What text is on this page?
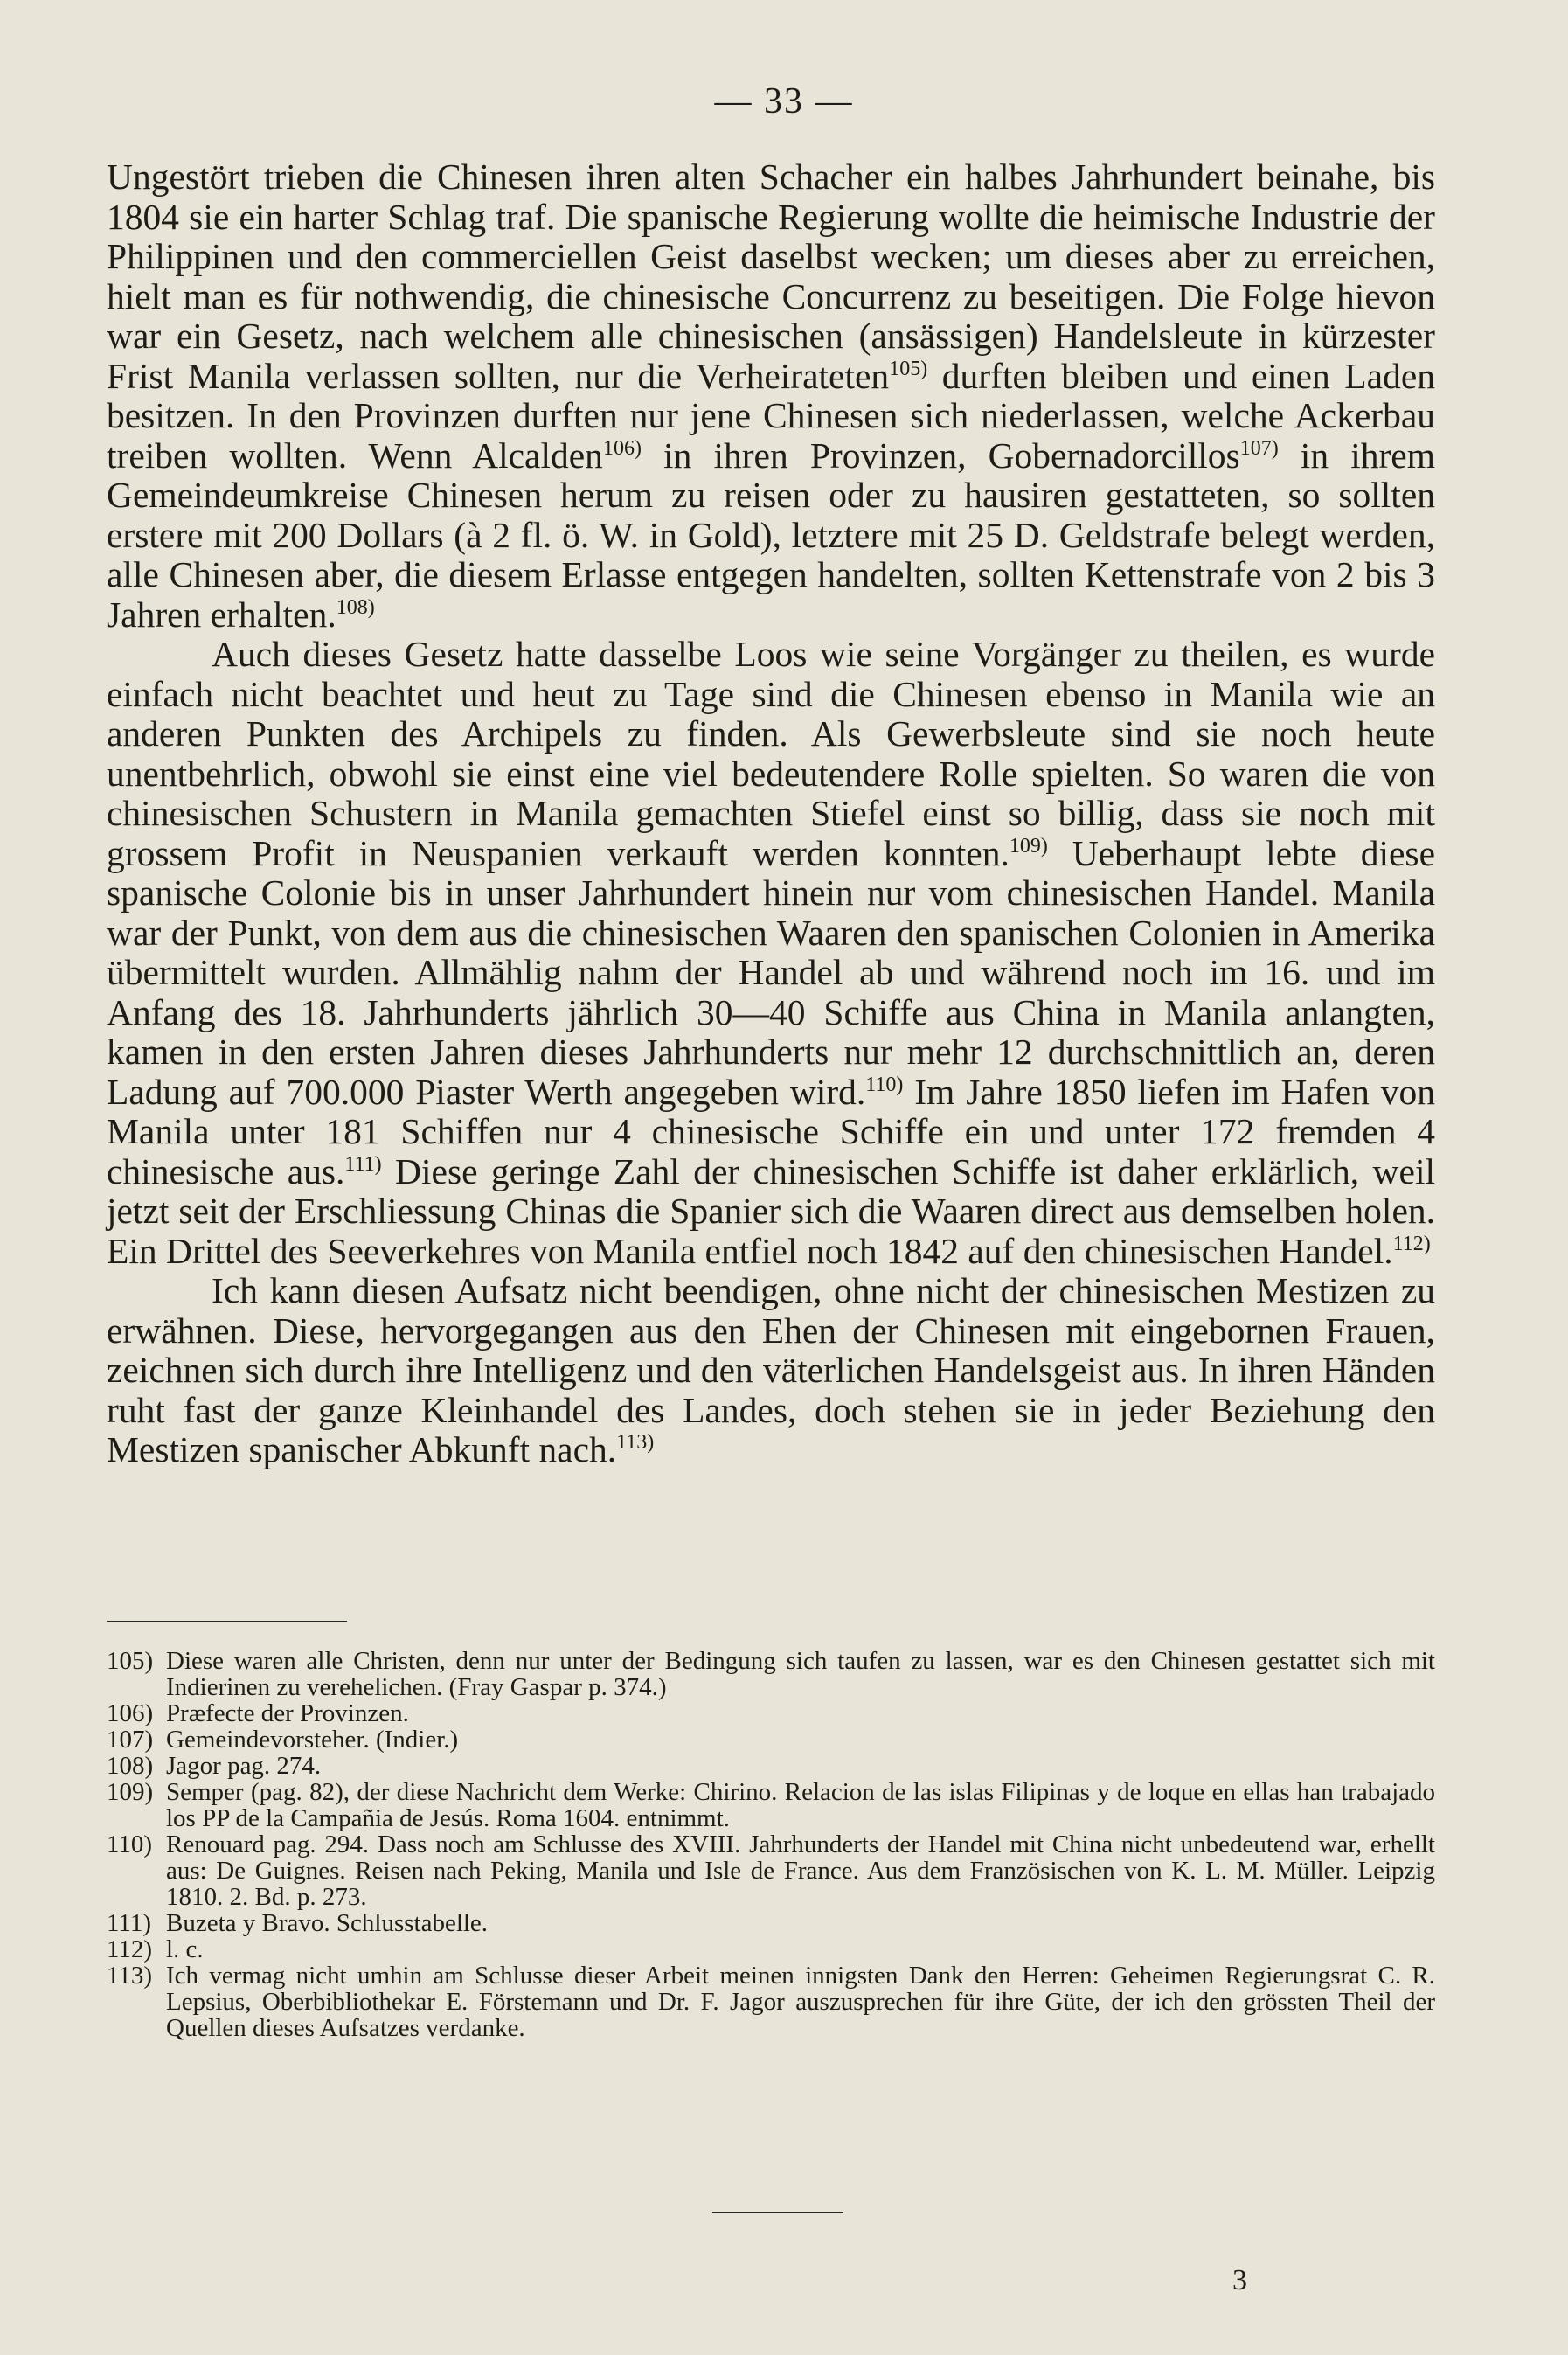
— 33 —

Ungestört trieben die Chinesen ihren alten Schacher ein halbes Jahrhundert beinahe, bis 1804 sie ein harter Schlag traf. Die spanische Regierung wollte die heimische Industrie der Philippinen und den commerciellen Geist daselbst wecken; um dieses aber zu erreichen, hielt man es für nothwendig, die chinesische Concurrenz zu beseitigen. Die Folge hievon war ein Gesetz, nach welchem alle chinesischen (ansässigen) Handelsleute in kürzester Frist Manila verlassen sollten, nur die Verheirateten$^{105)}$ durften bleiben und einen Laden besitzen. In den Provinzen durften nur jene Chinesen sich niederlassen, welche Ackerbau treiben wollten. Wenn Alcalden$^{106)}$ in ihren Provinzen, Gobernadorcillos$^{107)}$ in ihrem Gemeindeumkreise Chinesen herum zu reisen oder zu hausiren gestatteten, so sollten erstere mit 200 Dollars (à 2 fl. ö. W. in Gold), letztere mit 25 D. Geldstrafe belegt werden, alle Chinesen aber, die diesem Erlasse entgegen handelten, sollten Kettenstrafe von 2 bis 3 Jahren erhalten.$^{108)}$

Auch dieses Gesetz hatte dasselbe Loos wie seine Vorgänger zu theilen, es wurde einfach nicht beachtet und heut zu Tage sind die Chinesen ebenso in Manila wie an anderen Punkten des Archipels zu finden. Als Gewerbsleute sind sie noch heute unentbehrlich, obwohl sie einst eine viel bedeutendere Rolle spielten. So waren die von chinesischen Schustern in Manila gemachten Stiefel einst so billig, dass sie noch mit grossem Profit in Neuspanien verkauft werden konnten.$^{109)}$ Ueberhaupt lebte diese spanische Colonie bis in unser Jahrhundert hinein nur vom chinesischen Handel. Manila war der Punkt, von dem aus die chinesischen Waaren den spanischen Colonien in Amerika übermittelt wurden. Allmählig nahm der Handel ab und während noch im 16. und im Anfang des 18. Jahrhunderts jährlich 30—40 Schiffe aus China in Manila anlangten, kamen in den ersten Jahren dieses Jahrhunderts nur mehr 12 durchschnittlich an, deren Ladung auf 700.000 Piaster Werth angegeben wird.$^{110)}$ Im Jahre 1850 liefen im Hafen von Manila unter 181 Schiffen nur 4 chinesische Schiffe ein und unter 172 fremden 4 chinesische aus.$^{111)}$ Diese geringe Zahl der chinesischen Schiffe ist daher erklärlich, weil jetzt seit der Erschliessung Chinas die Spanier sich die Waaren direct aus demselben holen. Ein Drittel des Seeverkehres von Manila entfiel noch 1842 auf den chinesischen Handel.$^{112)}$

Ich kann diesen Aufsatz nicht beendigen, ohne nicht der chinesischen Mestizen zu erwähnen. Diese, hervorgegangen aus den Ehen der Chinesen mit eingebornen Frauen, zeichnen sich durch ihre Intelligenz und den väterlichen Handelsgeist aus. In ihren Händen ruht fast der ganze Kleinhandel des Landes, doch stehen sie in jeder Beziehung den Mestizen spanischer Abkunft nach.$^{113)}$

105) Diese waren alle Christen, denn nur unter der Bedingung sich taufen zu lassen, war es den Chinesen gestattet sich mit Indierinen zu verehelichen. (Fray Gaspar p. 374.)

106) Præfecte der Provinzen.

107) Gemeindevorsteher. (Indier.)

108) Jagor pag. 274.

109) Semper (pag. 82), der diese Nachricht dem Werke: Chirino. Relacion de las islas Filipinas y de loque en ellas han trabajado los PP de la Campañia de Jesús. Roma 1604. entnimmt.

110) Renouard pag. 294. Dass noch am Schlusse des XVIII. Jahrhunderts der Handel mit China nicht unbedeutend war, erhellt aus: De Guignes. Reisen nach Peking, Manila und Isle de France. Aus dem Französischen von K. L. M. Müller. Leipzig 1810. 2. Bd. p. 273.

111) Buzeta y Bravo. Schlusstabelle.

112) l. c.

113) Ich vermag nicht umhin am Schlusse dieser Arbeit meinen innigsten Dank den Herren: Geheimen Regierungsrat C. R. Lepsius, Oberbibliothekar E. Förstemann und Dr. F. Jagor auszusprechen für ihre Güte, der ich den grössten Theil der Quellen dieses Aufsatzes verdanke.

3
